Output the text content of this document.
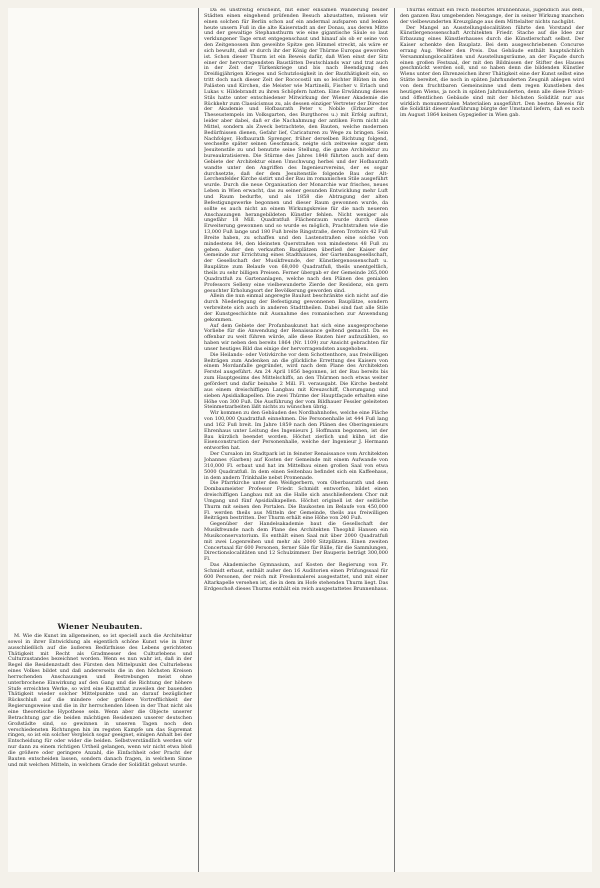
Wiener Neubauten.

M. Wie die Kunst im allgemeinen, so ist speciell auch die Architektur sowol in ihrer Entwicklung als eigentlich schöne Kunst wie in ihrer ausschließlich auf die äußeren Bedürfnisse des Lebens gerichteten Thätigkeit mit Recht als Gradmesser des Culturlebens und Culturzustandes bezeichnet worden. Wenn es nun wahr ist, daß in der Regel die Residenzstadt des Fürsten den Mittelpunkt des Culturlebens eines Volkes bildet und daß andererseits die in den höchsten Kreisen herrschenden Anschauungen und Bestrebungen meist ohne unterbrochene Einwirkung auf den Gang und die Richtung der höhere Stufe erreichten Werke, so wird eine Kunstthat zuweilen der bauenden Thätigkeit wieder solcher Mittelpunkte und an darauf bezüglicher Rückschluß auf die mindere oder größere Vortrefflichkeit der Regierungsweise und die in ihr herrschenden Ideen in der That nicht als eine theoretische Hypothese sein. Wenn aber die Objecte unserer Betrachtung gar die beiden mächtigen Residenzen unserer deutschen Großstädte sind, so gewinnen in unseren Tagen noch den verschiedensten Richtungen hin im regsten Kampfe um das Supremat ringen, so ist ein solcher Vergleich sogar geeignet, einigen Anhalt bei der Entscheidung für oder wider die beiden. Selbstverständlich werden wir nur dann zu einem richtigen Urtheil gelangen, wenn wir nicht etwa bloß die größere oder geringere Anzahl, die Einfachheit oder Pracht der Bauten entscheiden lassen, sondern danach fragen, in welchem Sinne und mit welchen Mitteln, in welchem Grade der Solidität gebaut wurde.

Da es unstreitig erscheint, mit einer einsamen Wanderung beider Städten einen eingehend prüfenden Besuch abzustatten, müssen wir einen solchen für Berlin schon auf ein andermal aufsparen und lenken heute unsern Fuß in die alte Kaiserstadt an der Donau, aus deren Mitte und der gewaltige Stephansthurm wie eine gigantische Säule so laut verklungener Tage ernst entgegenschaut und hinauf als ob er seine von den Zeitgenossen ihm geweihte Spitze gen Himmel streckt, als wäre er sich bewußt, daß er durch ihr der König der Thürme Europas geworden ist. Schon dieser Thurm ist ein Beweis dafür, daß Wien einst der Sitz einer der hervorragendsten Baustätten Deutschlands war und trat auch in der Zeit der Türkenkriege und bis nach Beendigung des Dreißigjährigen Krieges und Schutzlosigkeit in der Bauthätigkeit ein, so tritt doch nach dieser Zeit der Rococostil um so leichter Blüten in den Palästen und Kirchen, die Meister wie Martinelli, Fischer v. Erlach und Lukas v. Hildebrandt zu ihren Schöpfern hatten. Eine Erwähnung dieses Stils hatte unter entschiedener Mitwirkung der Wiener Akademie die Rückkehr zum Classicismus zu, als dessen einziger Vertreter der Director der Akademie und Hofbaurath Peter v. Nobile (Erbauer des Theseustempels im Volksgarten, des Burgthores u.) mit Erfolg auftrat, leider aber dabei, daß er die Nachahmung der antiken Form nicht als Mittel, sondern als Zweck betrachtete, den Bauten, welche modernen Bedürfnissen dienen, Gefahr lief, Caricaturen zu Wege zu bringen. Sein Nachfolger, Hofbaurath Sprenger, früher derselben Richtung folgend, wechselte später seinen Geschmack, neigte sich zeitweise sogar dem Jesuitenstile zu und benutzte seine Stellung, die ganze Architektur zu bureaukratisieren. Die Stürme des Jahres 1848 führten auch auf dem Gebiete der Architektur einen Umschwung herbei und der Hofbaurath wandte unter den Angriffen des Ingenieurvereins, der es sogar durchsetzte, daß der dem Jesuitenstile folgende Bau der Alt-Lerchenfelder Kirche sistirt und der Bau im romanischen Stile ausgeführt wurde. Durch die neue Organisation der Monarchie war frisches, neues Leben in Wien erwacht, das zu seiner gesunden Entwicklung mehr Luft und Raum bedurfte, und als 1858 die Abtragung der alten Befestigungswerke begonnen und dieser Raum gewonnen wurde, da sollte es auch nicht an einem Wirkungskreise für die nach neueren Anschauungen herangebildeten Künstler fehlen. Nicht weniger als ungefähr 18 Mill. Quadratfuß Flächenraum wurde durch diese Erweiterung gewonnen und so wurde es möglich, Prachtstraßen wie die 13,000 Fuß lange und 180 Fuß breite Ringstraße, deren Trottoirs 42 Fuß Breite haben, zu schaffen und den Lastenstraßen eine solche von mindestens 84, den kleinsten Querstraßen von mindestens 48 Fuß zu geben. Außer den verkauften Bauplätzen überließ der Kaiser der Gemeinde zur Errichtung eines Stadthauses, der Gartenbaugesellschaft, der Gesellschaft der Musikfreunde, der Künstlergenossenschaft u. Bauplätze zum Belaufe von 68,000 Quadratfuß, theils unentgeltlich, theils zu sehr billigen Preisen. Ferner übergab er der Gemeinde 265,000 Quadratfuß zu Gartenanlagen, welche nach den Plänen des genialen Professors Selleny eine vielbewunderte Zierde der Residenz, ein gern gesuchter Erholungsort der Bevölkerung geworden sind.

Allein die nun einmal angeregte Baulust beschränkte sich nicht auf die durch Niederlegung der Befestigung gewonnenen Bauplätze, sondern verbreitete sich auch in anderen Stadttheilen. Dabei sind fast alle Stile der Kunstgeschichte mit Ausnahme des romanischen zur Anwendung gekommen.

Auf dem Gebiete der Profanbaukunst hat sich eine ausgesprochene Vorliebe für die Anwendung der Renaissance geltend gemacht. Da es offenbar zu weit führen würde, alle diese Bauten hier aufzuzählen, so haben wir neben den bereits 1864 (Nr. 1109) zur Ansicht gebrachten für unser heutiges Bild das einige der hervorragendsten ausgehoben.

Die Heilands- oder Votivkirche vor dem Schottenthore, aus freiwilligen Beiträgen zum Andenken an die glückliche Errettung des Kaisers von einem Mordanfalle gegründet, wird nach dem Plane des Architekten Ferstel ausgeführt. Am 24 April 1856 begonnen, ist der Bau bereits bis zum Hauptgesims des Mittelschiffs, an den Thürmen noch etwas weiter gefördert und dafür beinahe 2 Mill. Fl. verausgabt. Die Kirche besteht aus einem dreischiffigen Langbau mit Kreuzschiff, Chorumgang und sieben Apsidialkapellen. Die zwei Thürme der Hauptfaçade erhalten eine Höhe von 300 Fuß. Die Ausführung der vom Bildhauer Fessler geleiteten Steinmetzarbeiten läßt nichts zu wünschen übrig.

Wir kommen zu den Gebäuden des Nordbahnhofes, welche eine Fläche von 100,000 Quadratfuß einnehmen. Die Personenhalle ist 444 Fuß lang und 162 Fuß breit. Im Jahre 1859 nach den Plänen des Oberingenieurs Ehrenhaus unter Leitung des Ingenieurs J. Hoffmann begonnen, ist der Bau kürzlich beendet worden. Höchst zierlich und kühn ist die Eisenconstruction der Personenhalle, welche der Ingenieur J. Hermann entworfen hat.

Der Cursalon im Stadtpark ist in feinster Renaissance vom Architekten Johannes (Garben) auf Kosten der Gemeinde mit einem Aufwande von 310,000 Fl. erbaut und hat im Mittelbau einen großen Saal von etwa 5000 Quadratfuß. In dem einen Seitenbau befindet sich ein Kaffeehaus, in dem andern Trinkhalle nebst Promenade.

Die Pfarrkirche unter den Weißgerbern, vom Oberbaurath und dem Dombaumeister Professor Friedr. Schmidt entworfen, bildet einen dreischiffigen Langbau mit an die Halle sich anschließendem Chor mit Umgang und fünf Apsidialkapellen. Höchst originell ist der seitliche Thurm mit seinen den Portalen. Die Baukosten im Belaufe von 450,000 Fl. werden theils aus Mitteln der Gemeinde, theils aus freiwilligen Beiträgen bestritten. Der Thurm erhält eine Höhe von 240 Fuß.

Gegenüber der Handelsakademie baut die Gesellschaft der Musikfreunde nach dem Plane des Architekten Theophil Hansen ein Musikconservatorium. Es enthält einen Saal mit über 2000 Quadratfuß mit zwei Logenreihen und mehr als 2000 Sitzplätzen. Einen zweiten Concertsaal für 600 Personen, ferner Säle für Bälle, für die Sammlungen, Directionslocalitäten und 12 Schulzimmer. Der Bauperis beträgt 300,000 Fl.

Das Akademische Gymnasium, auf Kosten der Regierung von Fr. Schmidt erbaut, enthält außer den 16 Auditorien einen Prüfungssaal für 600 Personen, der reich mit Freskomalerei ausgestattet, und mit einer Altarkapelle versehen ist, die in dem im Hofe stehenden Thurm liegt. Das Erdgeschoß dieses Thurms enthält ein reich ausgestattetes Brunnenhaus.

Thurms enthält ein reich möblirtes Brunnenhaus, jugendlich aus dem, den ganzen Bau umgebenden Neugange, der in seiner Wirkung manchen der vielbewunderten Kreuzgänge aus dem Mittelalter nichts nachgibt.

Der Mangel an Ausstellungslocalitäten führte den Vorstand der Künstlergenossenschaft Architekten Friedr. Stache auf die Idee zur Erbauung eines Künstlerhauses durch die Künstlerschaft selbst. Der Kaiser schenkte den Bauplatz. Bei dem ausgeschriebenen Concurse errang Aug. Weber den Preis. Das Gebäude enthält hauptsächlich Versammlungslocalitäten und Ausstellungsräume, an der Façade durch einen großen Festsaal, der mit den Bildnissen der Stifter des Hauses geschmückt werden soll, und so haben denn die bildenden Künstler Wiens unter den Ehrenzeichen ihrer Thätigkeit eine der Kunst selbst eine Stätte bereitet, die noch in späten Jahrhunderten Zeugniß ablegen wird von dem fruchtbaren Gemeinsinne und dem regen Kunstleben des heutigen Wiens, ja noch in späten Jahrhunderten, denn alle diese Privat- und öffentlichen Gebäude sind mit der höchsten Solidität nur aus wirklich monumentalen Materialien ausgeführt. Den besten Beweis für die Solidität dieser Ausführung bürgte der Umstand liefern, daß es noch im August 1864 keinen Gypsgießer in Wien gab.
